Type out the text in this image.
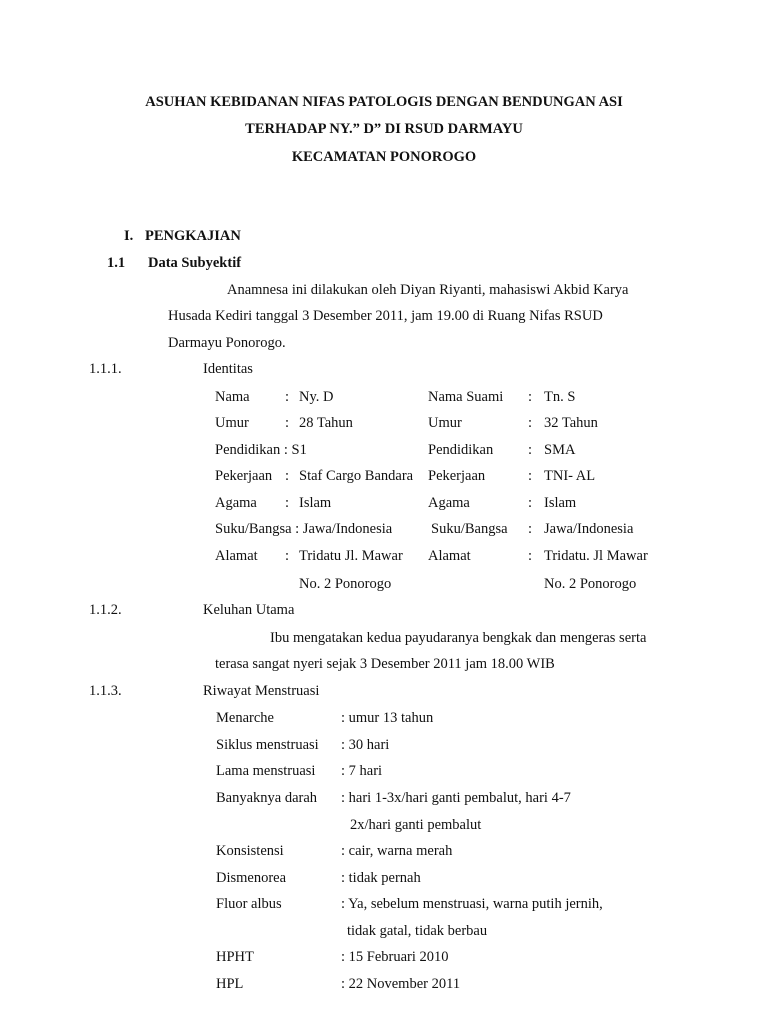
ASUHAN KEBIDANAN NIFAS PATOLOGIS DENGAN BENDUNGAN ASI
TERHADAP NY.” D” DI RSUD DARMAYU
KECAMATAN PONOROGO
I. PENGKAJIAN
1.1 Data Subyektif
Anamnesa ini dilakukan oleh Diyan Riyanti, mahasiswi Akbid Karya
Husada Kediri tanggal 3 Desember 2011, jam 19.00 di Ruang Nifas RSUD
Darmayu Ponorogo.
1.1.1.	Identitas
Nama : Ny. D	Nama Suami : Tn. S
Umur : 28 Tahun	Umur	: 32 Tahun
Pendidikan : S1	Pendidikan : SMA
Pekerjaan : Staf Cargo Bandara Pekerjaan	: TNI- AL
Agama : Islam	Agama	: Islam
Suku/Bangsa : Jawa/Indonesia	Suku/Bangsa : Jawa/Indonesia
Alamat : Tridatu Jl. Mawar Alamat	: Tridatu. Jl Mawar
No. 2 Ponorogo	No. 2 Ponorogo
1.1.2.	Keluhan Utama
Ibu mengatakan kedua payudaranya bengkak dan mengeras serta
terasa sangat nyeri sejak 3 Desember 2011 jam 18.00 WIB
1.1.3.	Riwayat Menstruasi
Menarche	: umur 13 tahun
Siklus menstruasi : 30 hari
Lama menstruasi : 7 hari
Banyaknya darah : hari 1-3x/hari ganti pembalut, hari 4-7
2x/hari ganti pembalut
Konsistensi	: cair, warna merah
Dismenorea	: tidak pernah
Fluor albus	: Ya, sebelum menstruasi, warna putih jernih,
tidak gatal, tidak berbau
HPHT	: 15 Februari 2010
HPL	: 22 November 2011
